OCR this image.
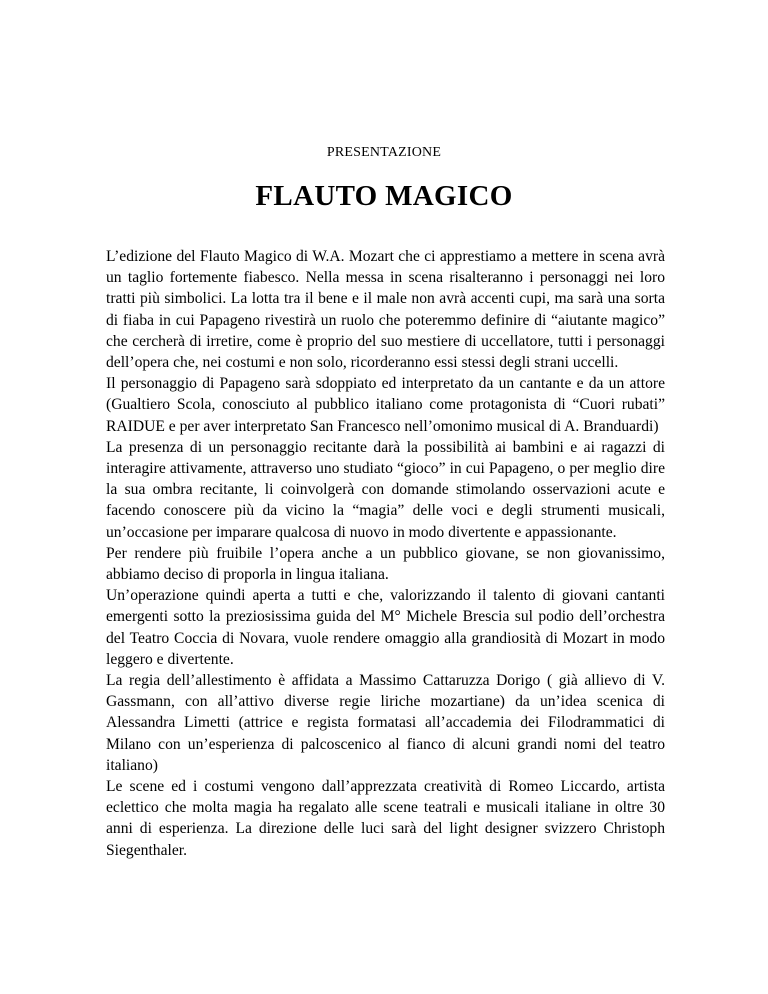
PRESENTAZIONE
FLAUTO MAGICO

L’edizione del Flauto Magico di W.A. Mozart che ci apprestiamo a mettere in scena avrà un taglio fortemente fiabesco. Nella messa in scena risalteranno i personaggi nei loro tratti più simbolici. La lotta tra il bene e il male non avrà accenti cupi, ma sarà una sorta di fiaba in cui Papageno rivestirà un ruolo che poteremmo definire di “aiutante magico” che cercherà di irretire, come è proprio del suo mestiere di uccellatore, tutti i personaggi dell’opera che, nei costumi e non solo, ricorderanno essi stessi degli strani uccelli.

Il personaggio di Papageno sarà sdoppiato ed interpretato da un cantante e da un attore (Gualtiero Scola, conosciuto al pubblico italiano come protagonista di “Cuori rubati” RAIDUE e per aver interpretato San Francesco nell’omonimo musical di A. Branduardi)

La presenza di un personaggio recitante darà la possibilità ai bambini e ai ragazzi di interagire attivamente, attraverso uno studiato “gioco” in cui Papageno, o per meglio dire la sua ombra recitante, li coinvolgerà con domande stimolando osservazioni acute e facendo conoscere più da vicino la “magia” delle voci e degli strumenti musicali, un’occasione per imparare qualcosa di nuovo in modo divertente e appassionante.

Per rendere più fruibile l’opera anche a un pubblico giovane, se non giovanissimo, abbiamo deciso di proporla in lingua italiana.

Un’operazione quindi aperta a tutti e che, valorizzando il talento di giovani cantanti emergenti sotto la preziosissima guida del M° Michele Brescia sul podio dell’orchestra del Teatro Coccia di Novara, vuole rendere omaggio alla grandiosità di Mozart in modo leggero e divertente.

La regia dell’allestimento è affidata a Massimo Cattaruzza Dorigo ( già allievo di V. Gassmann, con all’attivo diverse regie liriche mozartiane) da un’idea scenica di Alessandra Limetti (attrice e regista formatasi all’accademia dei Filodrammatici di Milano con un’esperienza di palcoscenico al fianco di alcuni grandi nomi del teatro italiano)

Le scene ed i costumi vengono dall’apprezzata creatività di Romeo Liccardo, artista eclettico che molta magia ha regalato alle scene teatrali e musicali italiane in oltre 30 anni di esperienza. La direzione delle luci sarà del light designer svizzero Christoph Siegenthaler.
